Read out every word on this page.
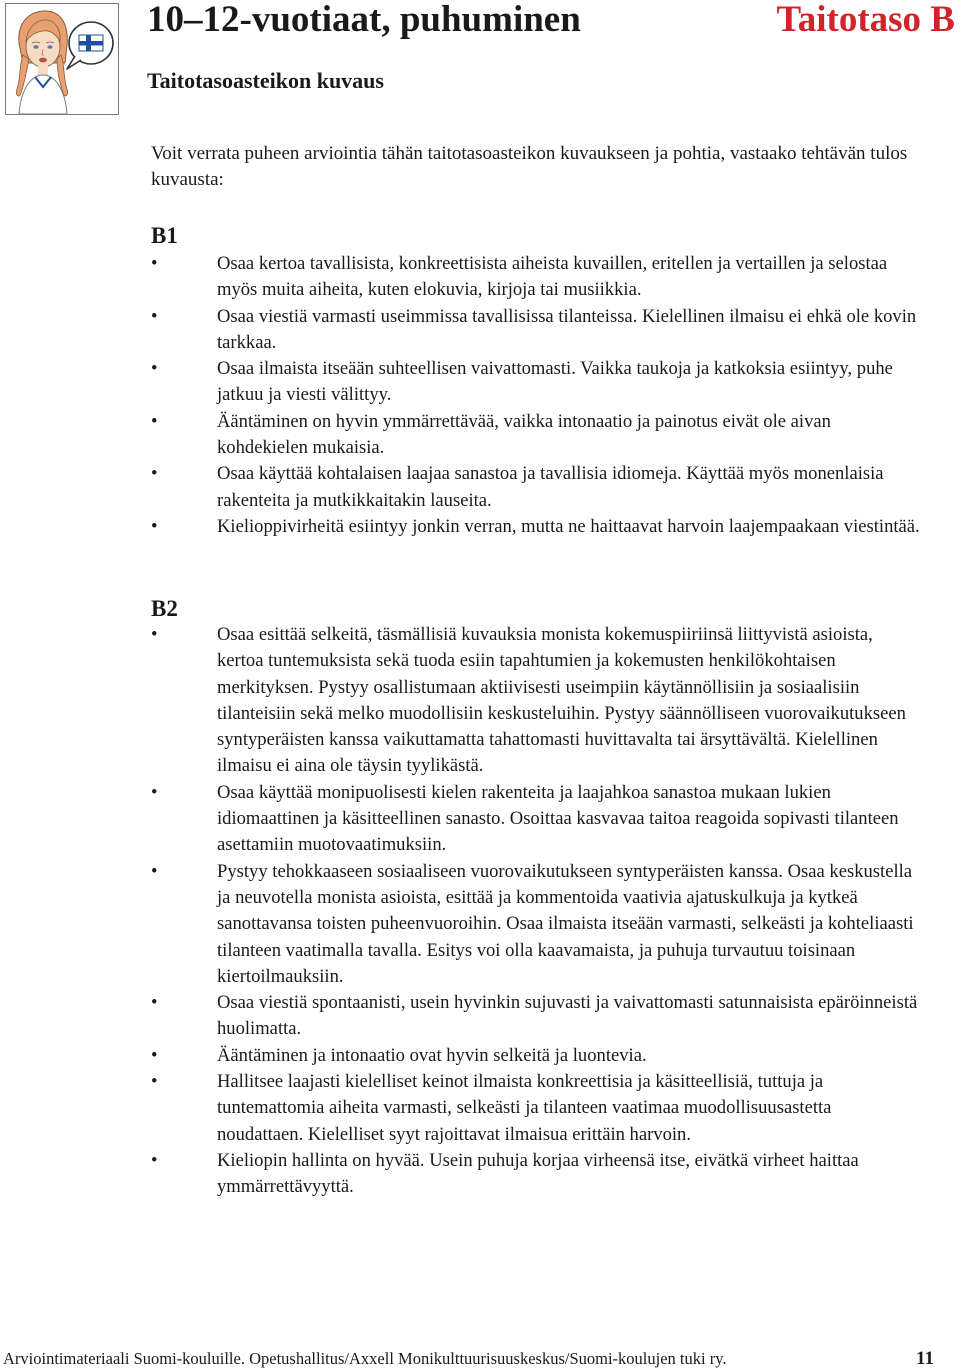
10–12-vuotiaat, puhuminen	Taitotaso B
Taitotasoasteikon kuvaus

Voit verrata puheen arviointia tähän taitotasoasteikon kuvaukseen ja pohtia, vastaako tehtävän tulos kuvausta:

B1
•	Osaa kertoa tavallisista, konkreettisista aiheista kuvaillen, eritellen ja vertaillen ja selostaa myös muita aiheita, kuten elokuvia, kirjoja tai musiikkia.
•	Osaa viestiä varmasti useimmissa tavallisissa tilanteissa. Kielellinen ilmaisu ei ehkä ole kovin tarkkaa.
•	Osaa ilmaista itseään suhteellisen vaivattomasti. Vaikka taukoja ja katkoksia esiintyy, puhe jatkuu ja viesti välittyy.
•	Ääntäminen on hyvin ymmärrettävää, vaikka intonaatio ja painotus eivät ole aivan kohdekielen mukaisia.
•	Osaa käyttää kohtalaisen laajaa sanastoa ja tavallisia idiomeja. Käyttää myös monenlaisia rakenteita ja mutkikkaitakin lauseita.
•	Kielioppivirheitä esiintyy jonkin verran, mutta ne haittaavat harvoin laajempaakaan viestintää.
B2
•	Osaa esittää selkeitä, täsmällisiä kuvauksia monista kokemuspiiriinsä liittyvistä asioista, kertoa tuntemuksista sekä tuoda esiin tapahtumien ja kokemusten henkilökohtaisen merkityksen. Pystyy osallistumaan aktiivisesti useimpiin käytännöllisiin ja sosiaalisiin tilanteisiin sekä melko muodollisiin keskusteluihin. Pystyy säännölliseen vuorovaikutukseen syntyperäisten kanssa vaikuttamatta tahattomasti huvittavalta tai ärsyttävältä. Kielellinen ilmaisu ei aina ole täysin tyylikästä.
•	Osaa käyttää monipuolisesti kielen rakenteita ja laajahkoa sanastoa mukaan lukien idiomaattinen ja käsitteellinen sanasto. Osoittaa kasvavaa taitoa reagoida sopivasti tilanteen asettamiin muotovaatimuksiin.
•	Pystyy tehokkaaseen sosiaaliseen vuorovaikutukseen syntyperäisten kanssa. Osaa keskustella ja neuvotella monista asioista, esittää ja kommentoida vaativia ajatuskulkuja ja kytkeä sanottavansa toisten puheenvuoroihin. Osaa ilmaista itseään varmasti, selkeästi ja kohteliaasti tilanteen vaatimalla tavalla. Esitys voi olla kaavamaista, ja puhuja turvautuu toisinaan kiertoilmauksiin.
•	Osaa viestiä spontaanisti, usein hyvinkin sujuvasti ja vaivattomasti satunnaisista epäröinneistä huolimatta.
•	Ääntäminen ja intonaatio ovat hyvin selkeitä ja luontevia.
•	Hallitsee laajasti kielelliset keinot ilmaista konkreettisia ja käsitteellisiä, tuttuja ja tuntemattomia aiheita varmasti, selkeästi ja tilanteen vaatimaa muodollisuusastetta noudattaen. Kielelliset syyt rajoittavat ilmaisua erittäin harvoin.
•	Kieliopin hallinta on hyvää. Usein puhuja korjaa virheensä itse, eivätkä virheet haittaa ymmärrettävyyttä.

Arviointimateriaali Suomi-kouluille. Opetushallitus/Axxell Monikulttuurisuuskeskus/Suomi-koulujen tuki ry.	11
